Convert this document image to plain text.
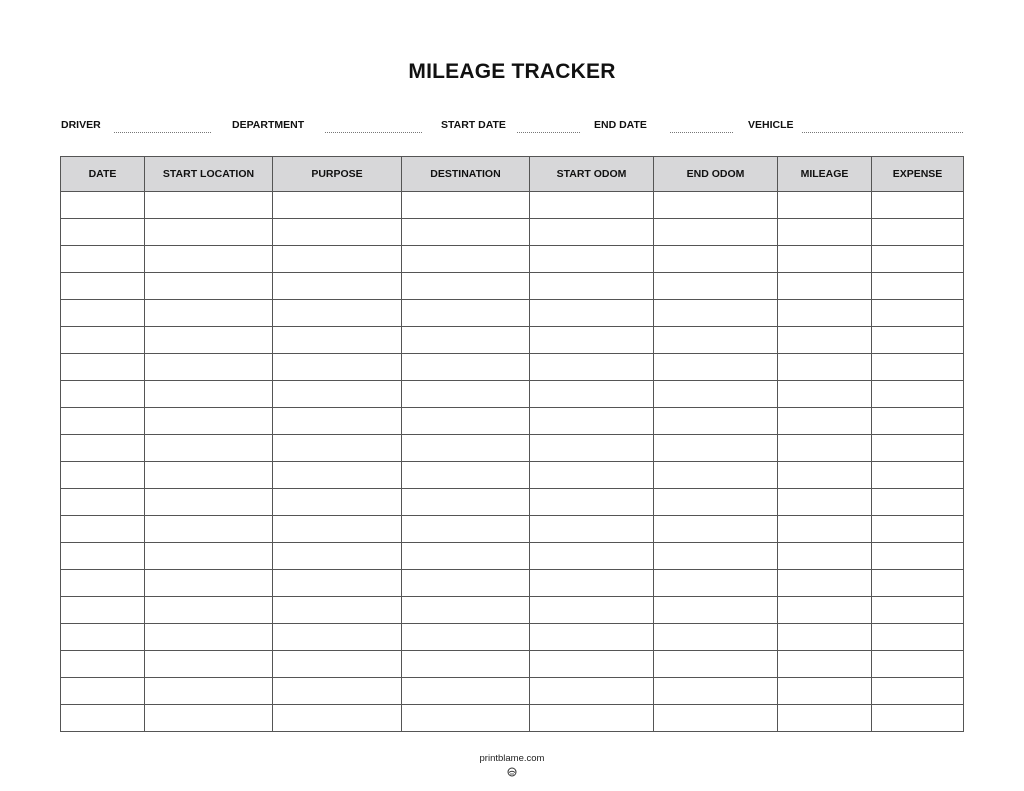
MILEAGE TRACKER
DRIVER	DEPARTMENT	START DATE	END DATE	VEHICLE
DATE	START LOCATION	PURPOSE	DESTINATION	START ODOM	END ODOM	MILEAGE	EXPENSE

printblame.com
